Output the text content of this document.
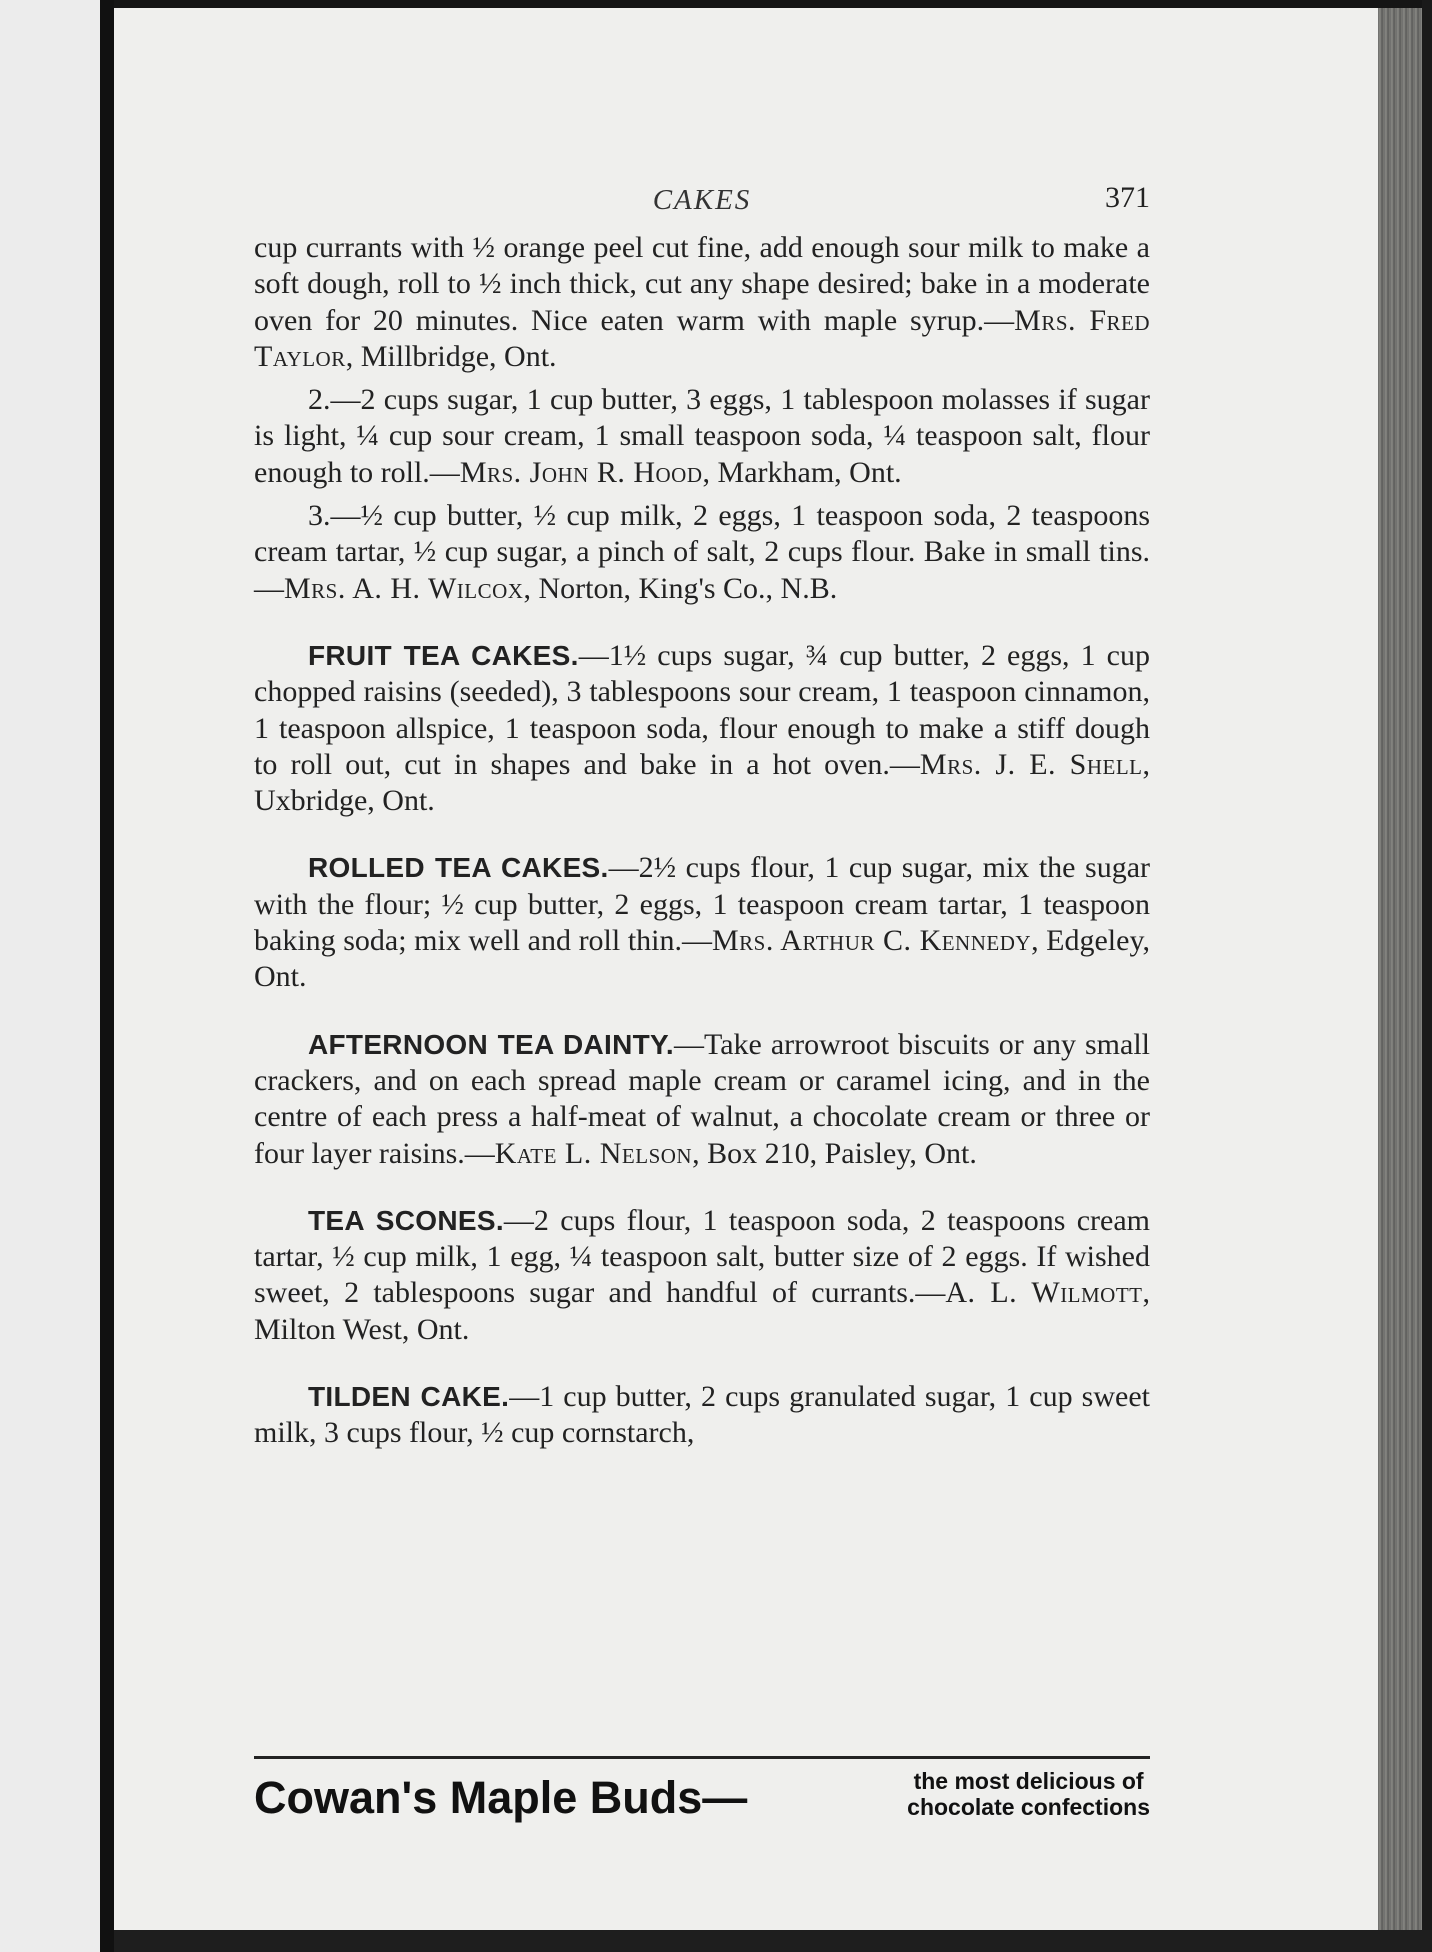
CAKES	371

cup currants with ½ orange peel cut fine, add enough sour milk to make a soft dough, roll to ½ inch thick, cut any shape desired; bake in a moderate oven for 20 minutes. Nice eaten warm with maple syrup.—Mrs. Fred Taylor, Millbridge, Ont.

2.—2 cups sugar, 1 cup butter, 3 eggs, 1 tablespoon molasses if sugar is light, ¼ cup sour cream, 1 small teaspoon soda, ¼ teaspoon salt, flour enough to roll.—Mrs. John R. Hood, Markham, Ont.

3.—½ cup butter, ½ cup milk, 2 eggs, 1 teaspoon soda, 2 teaspoons cream tartar, ½ cup sugar, a pinch of salt, 2 cups flour. Bake in small tins.—Mrs. A. H. Wilcox, Norton, King's Co., N.B.

FRUIT TEA CAKES.—1½ cups sugar, ¾ cup butter, 2 eggs, 1 cup chopped raisins (seeded), 3 tablespoons sour cream, 1 teaspoon cinnamon, 1 teaspoon allspice, 1 teaspoon soda, flour enough to make a stiff dough to roll out, cut in shapes and bake in a hot oven.—Mrs. J. E. Shell, Uxbridge, Ont.

ROLLED TEA CAKES.—2½ cups flour, 1 cup sugar, mix the sugar with the flour; ½ cup butter, 2 eggs, 1 teaspoon cream tartar, 1 teaspoon baking soda; mix well and roll thin.—Mrs. Arthur C. Kennedy, Edgeley, Ont.

AFTERNOON TEA DAINTY.—Take arrowroot biscuits or any small crackers, and on each spread maple cream or caramel icing, and in the centre of each press a half-meat of walnut, a chocolate cream or three or four layer raisins.—Kate L. Nelson, Box 210, Paisley, Ont.

TEA SCONES.—2 cups flour, 1 teaspoon soda, 2 teaspoons cream tartar, ½ cup milk, 1 egg, ¼ teaspoon salt, butter size of 2 eggs. If wished sweet, 2 tablespoons sugar and handful of currants.—A. L. Wilmott, Milton West, Ont.

TILDEN CAKE.—1 cup butter, 2 cups granulated sugar, 1 cup sweet milk, 3 cups flour, ½ cup cornstarch,

Cowan's Maple Buds—	the most delicious of
chocolate confections
